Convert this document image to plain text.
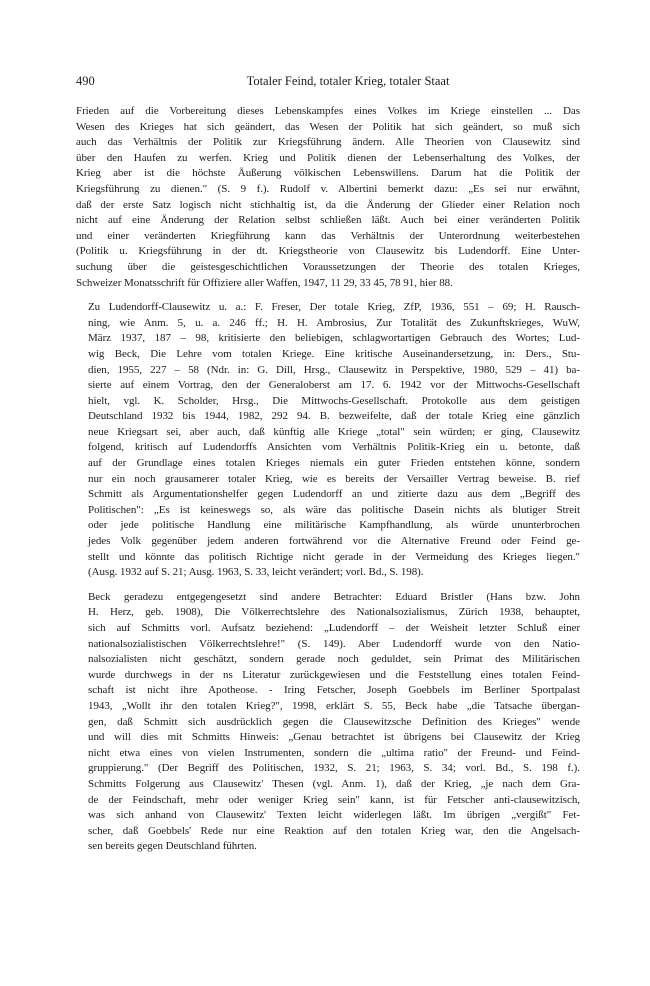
490	Totaler Feind, totaler Krieg, totaler Staat

Frieden auf die Vorbereitung dieses Lebenskampfes eines Volkes im Kriege einstellen ... Das
Wesen des Krieges hat sich geändert, das Wesen der Politik hat sich geändert, so muß sich
auch das Verhältnis der Politik zur Kriegsführung ändern. Alle Theorien von Clausewitz sind
über den Haufen zu werfen. Krieg und Politik dienen der Lebenserhaltung des Volkes, der
Krieg aber ist die höchste Äußerung völkischen Lebenswillens. Darum hat die Politik der
Kriegsführung zu dienen." (S. 9 f.). Rudolf v. Albertini bemerkt dazu: „Es sei nur erwähnt,
daß der erste Satz logisch nicht stichhaltig ist, da die Änderung der Glieder einer Relation noch
nicht auf eine Änderung der Relation selbst schließen läßt. Auch bei einer veränderten Politik
und einer veränderten Kriegführung kann das Verhältnis der Unterordnung weiterbestehen
(Politik u. Kriegsführung in der dt. Kriegstheorie von Clausewitz bis Ludendorff. Eine Unter-
suchung über die geistesgeschichtlichen Voraussetzungen der Theorie des totalen Krieges,
Schweizer Monatsschrift für Offiziere aller Waffen, 1947, 11 29, 33 45, 78 91, hier 88.

Zu Ludendorff-Clausewitz u. a.: F. Freser, Der totale Krieg, ZfP, 1936, 551 – 69; H. Rausch-
ning, wie Anm. 5, u. a. 246 ff.; H. H. Ambrosius, Zur Totalität des Zukunftskrieges, WuW,
März 1937, 187 – 98, kritisierte den beliebigen, schlagwortartigen Gebrauch des Wortes; Lud-
wig Beck, Die Lehre vom totalen Kriege. Eine kritische Auseinandersetzung, in: Ders., Stu-
dien, 1955, 227 – 58 (Ndr. in: G. Dill, Hrsg., Clausewitz in Perspektive, 1980, 529 – 41) ba-
sierte auf einem Vortrag, den der Generaloberst am 17. 6. 1942 vor der Mittwochs-Gesellschaft
hielt, vgl. K. Scholder, Hrsg., Die Mittwochs-Gesellschaft. Protokolle aus dem geistigen
Deutschland 1932 bis 1944, 1982, 292 94. B. bezweifelte, daß der totale Krieg eine gänzlich
neue Kriegsart sei, aber auch, daß künftig alle Kriege „total" sein würden; er ging, Clausewitz
folgend, kritisch auf Ludendorffs Ansichten vom Verhältnis Politik-Krieg ein u. betonte, daß
auf der Grundlage eines totalen Krieges niemals ein guter Frieden entstehen könne, sondern
nur ein noch grausamerer totaler Krieg, wie es bereits der Versailler Vertrag beweise. B. rief
Schmitt als Argumentationshelfer gegen Ludendorff an und zitierte dazu aus dem „Begriff des
Politischen": „Es ist keineswegs so, als wäre das politische Dasein nichts als blutiger Streit
oder jede politische Handlung eine militärische Kampfhandlung, als würde ununterbrochen
jedes Volk gegenüber jedem anderen fortwährend vor die Alternative Freund oder Feind ge-
stellt und könnte das politisch Richtige nicht gerade in der Vermeidung des Krieges liegen."
(Ausg. 1932 auf S. 21; Ausg. 1963, S. 33, leicht verändert; vorl. Bd., S. 198).

Beck geradezu entgegengesetzt sind andere Betrachter: Eduard Bristler (Hans bzw. John
H. Herz, geb. 1908), Die Völkerrechtslehre des Nationalsozialismus, Zürich 1938, behauptet,
sich auf Schmitts vorl. Aufsatz beziehend: „Ludendorff – der Weisheit letzter Schluß einer
nationalsozialistischen Völkerrechtslehre!" (S. 149). Aber Ludendorff wurde von den Natio-
nalsozialisten nicht geschätzt, sondern gerade noch geduldet, sein Primat des Militärischen
wurde durchwegs in der ns Literatur zurückgewiesen und die Feststellung eines totalen Feind-
schaft ist nicht ihre Apotheose. - Iring Fetscher, Joseph Goebbels im Berliner Sportpalast
1943, „Wollt ihr den totalen Krieg?", 1998, erklärt S. 55, Beck habe „die Tatsache übergan-
gen, daß Schmitt sich ausdrücklich gegen die Clausewitzsche Definition des Krieges" wende
und will dies mit Schmitts Hinweis: „Genau betrachtet ist übrigens bei Clausewitz der Krieg
nicht etwa eines von vielen Instrumenten, sondern die „ultima ratio" der Freund- und Feind-
gruppierung." (Der Begriff des Politischen, 1932, S. 21; 1963, S. 34; vorl. Bd., S. 198 f.).
Schmitts Folgerung aus Clausewitz' Thesen (vgl. Anm. 1), daß der Krieg, „je nach dem Gra-
de der Feindschaft, mehr oder weniger Krieg sein" kann, ist für Fetscher anti-clausewitzisch,
was sich anhand von Clausewitz' Texten leicht widerlegen läßt. Im übrigen „vergißt" Fet-
scher, daß Goebbels' Rede nur eine Reaktion auf den totalen Krieg war, den die Angelsach-
sen bereits gegen Deutschland führten.
